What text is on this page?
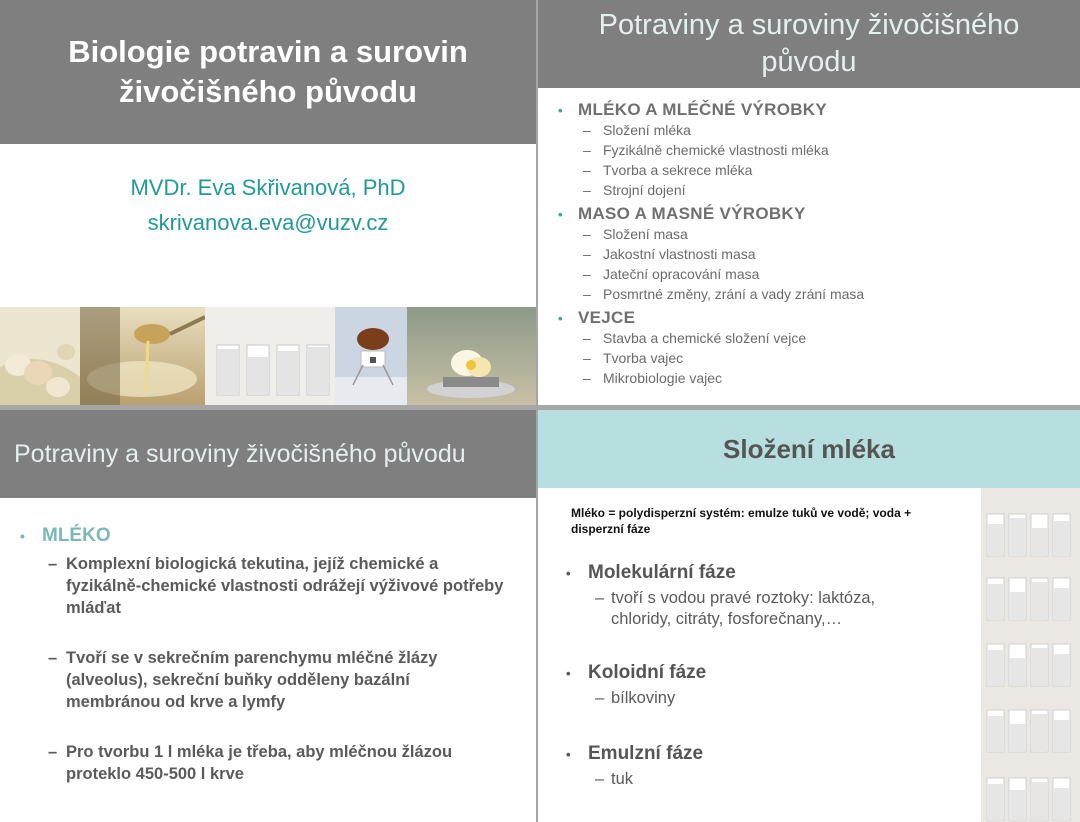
Biologie potravin a surovin živočišného původu
MVDr. Eva Skřivanová, PhD
skrivanova.eva@vuzv.cz
Potraviny a suroviny živočišného původu
• MLÉKO A MLÉČNÉ VÝROBKY
– Složení mléka
– Fyzikálně chemické vlastnosti mléka
– Tvorba a sekrece mléka
– Strojní dojení
• MASO A MASNÉ VÝROBKY
– Složení masa
– Jakostní vlastnosti masa
– Jateční opracování masa
– Posmrtné změny, zrání a vady zrání masa
• VEJCE
– Stavba a chemické složení vejce
– Tvorba vajec
– Mikrobiologie vajec
Potraviny a suroviny živočišného původu
• MLÉKO
– Komplexní biologická tekutina, jejíž chemické a fyzikálně-chemické vlastnosti odrážejí výživové potřeby mláďat
– Tvoří se v sekrečním parenchymu mléčné žlázy (alveolus), sekreční buňky odděleny bazální membránou od krve a lymfy
– Pro tvorbu 1 l mléka je třeba, aby mléčnou žlázou proteklo 450-500 l krve
Složení mléka
Mléko = polydisperzní systém: emulze tuků ve vodě; voda + disperzní fáze
• Molekulární fáze
– tvoří s vodou pravé roztoky: laktóza, chloridy, citráty, fosforečnany,…
• Koloidní fáze
– bílkoviny
• Emulzní fáze
– tuk
